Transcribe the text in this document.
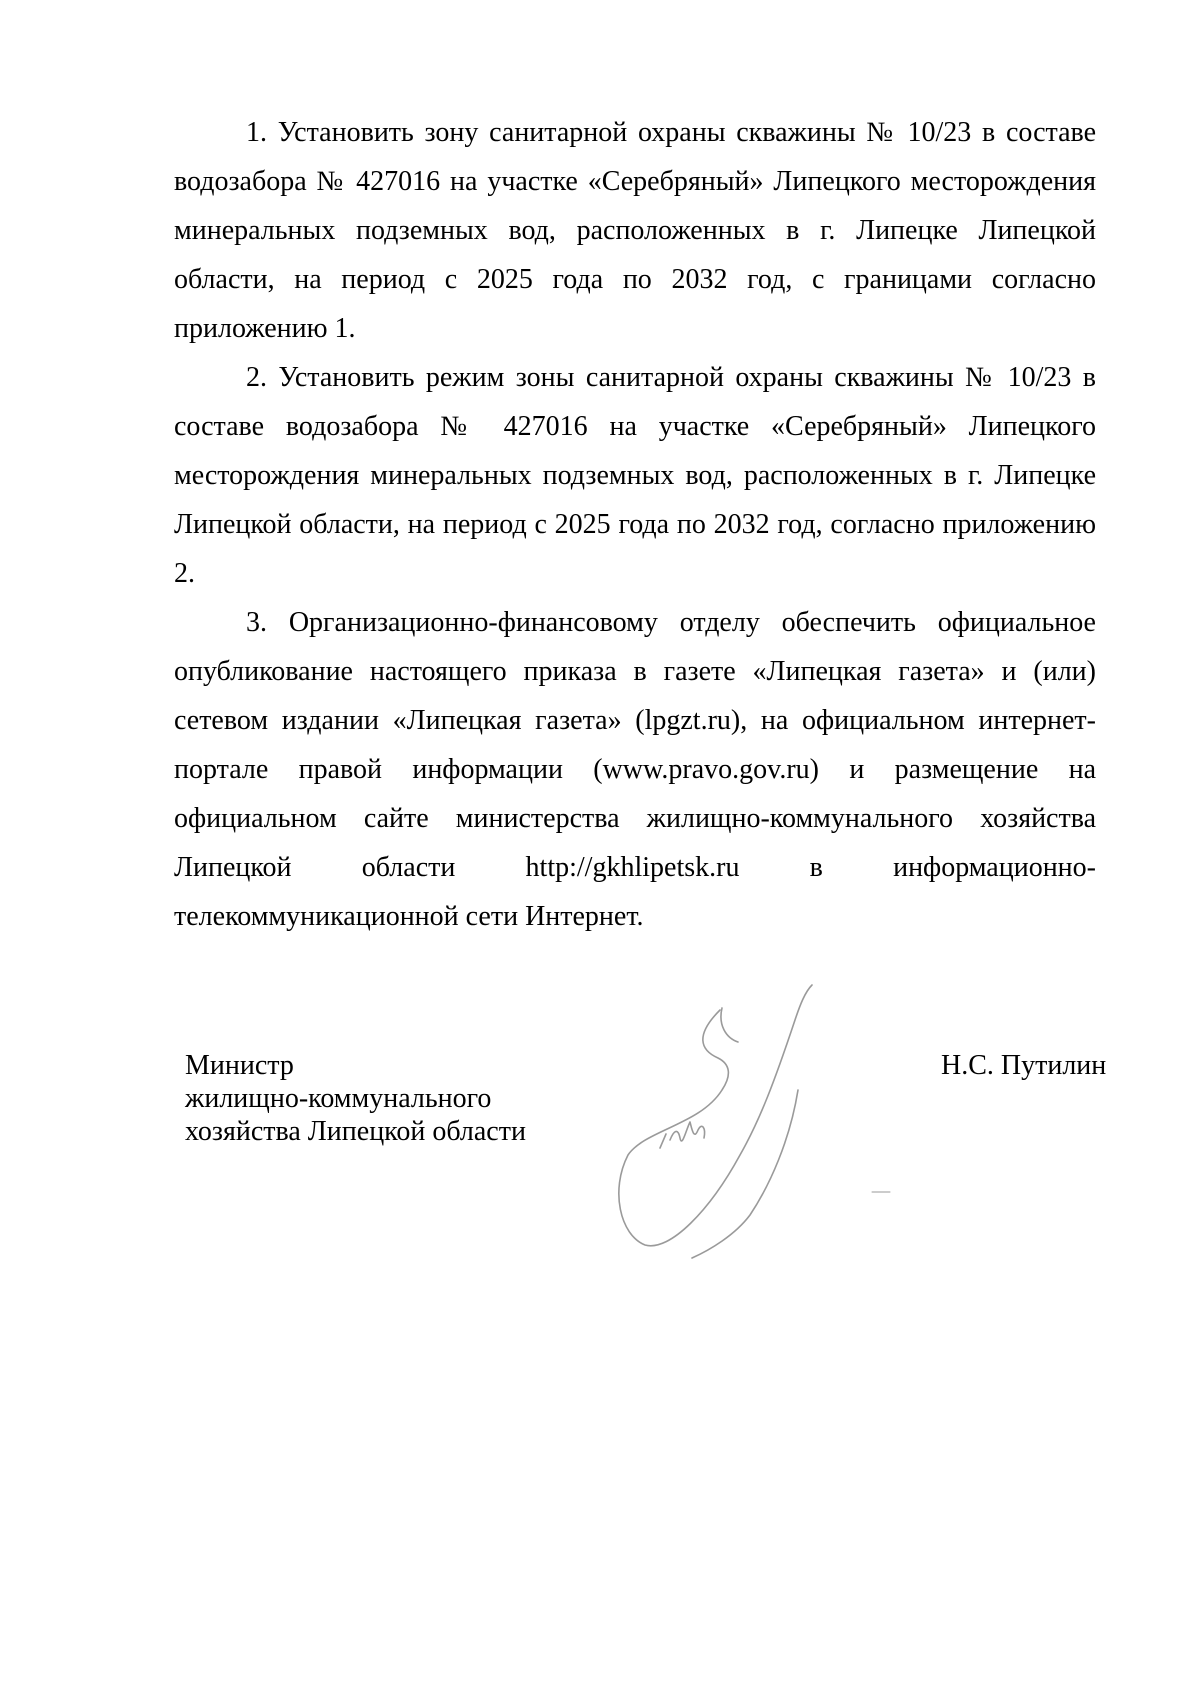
1. Установить зону санитарной охраны скважины № 10/23 в составе водозабора № 427016 на участке «Серебряный» Липецкого месторождения минеральных подземных вод, расположенных в г. Липецке Липецкой области, на период с 2025 года по 2032 год, с границами согласно приложению 1.

2. Установить режим зоны санитарной охраны скважины № 10/23 в составе водозабора № 427016 на участке «Серебряный» Липецкого месторождения минеральных подземных вод, расположенных в г. Липецке Липецкой области, на период с 2025 года по 2032 год, согласно приложению 2.

3. Организационно-финансовому отделу обеспечить официальное опубликование настоящего приказа в газете «Липецкая газета» и (или) сетевом издании «Липецкая газета» (lpgzt.ru), на официальном интернет-портале правой информации (www.pravo.gov.ru) и размещение на официальном сайте министерства жилищно-коммунального хозяйства Липецкой области http://gkhlipetsk.ru в информационно-телекоммуникационной сети Интернет.

Министр
жилищно-коммунального
хозяйства Липецкой области
Н.С. Путилин
